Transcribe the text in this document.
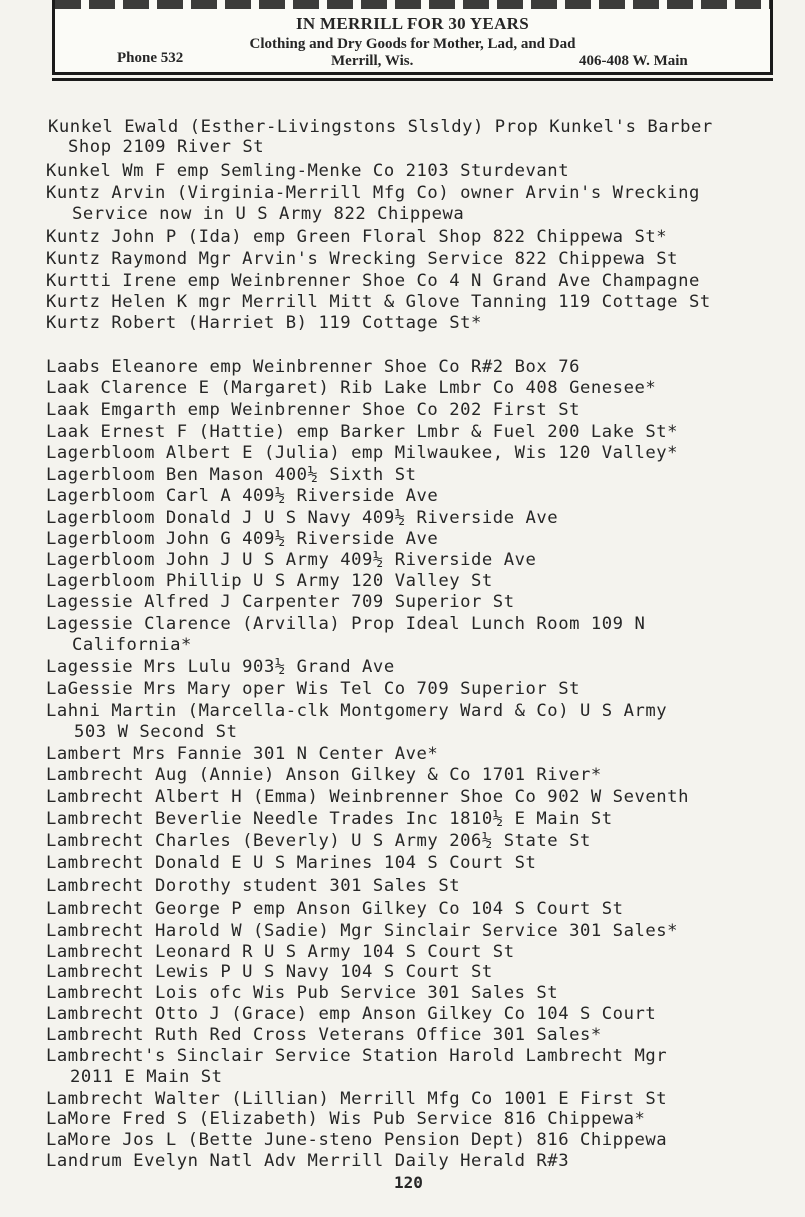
IN MERRILL FOR 30 YEARS
Clothing and Dry Goods for Mother, Lad, and Dad
Phone 532	Merrill, Wis.	406-408 W. Main
Kunkel Ewald (Esther-Livingstons Slsldy) Prop Kunkel's Barber
Shop 2109 River St
Kunkel Wm F emp Semling-Menke Co 2103 Sturdevant
Kuntz Arvin (Virginia-Merrill Mfg Co) owner Arvin's Wrecking
Service now in U S Army 822 Chippewa
Kuntz John P (Ida) emp Green Floral Shop 822 Chippewa St*
Kuntz Raymond Mgr Arvin's Wrecking Service 822 Chippewa St
Kurtti Irene emp Weinbrenner Shoe Co 4 N Grand Ave Champagne
Kurtz Helen K mgr Merrill Mitt & Glove Tanning 119 Cottage St
Kurtz Robert (Harriet B) 119 Cottage St*
Laabs Eleanore emp Weinbrenner Shoe Co R#2 Box 76
Laak Clarence E (Margaret) Rib Lake Lmbr Co 408 Genesee*
Laak Emgarth emp Weinbrenner Shoe Co 202 First St
Laak Ernest F (Hattie) emp Barker Lmbr & Fuel 200 Lake St*
Lagerbloom Albert E (Julia) emp Milwaukee, Wis 120 Valley*
Lagerbloom Ben Mason 400½ Sixth St
Lagerbloom Carl A 409½ Riverside Ave
Lagerbloom Donald J U S Navy 409½ Riverside Ave
Lagerbloom John G 409½ Riverside Ave
Lagerbloom John J U S Army 409½ Riverside Ave
Lagerbloom Phillip U S Army 120 Valley St
Lagessie Alfred J Carpenter 709 Superior St
Lagessie Clarence (Arvilla) Prop Ideal Lunch Room 109 N
California*
Lagessie Mrs Lulu 903½ Grand Ave
LaGessie Mrs Mary oper Wis Tel Co 709 Superior St
Lahni Martin (Marcella-clk Montgomery Ward & Co) U S Army
503 W Second St
Lambert Mrs Fannie 301 N Center Ave*
Lambrecht Aug (Annie) Anson Gilkey & Co 1701 River*
Lambrecht Albert H (Emma) Weinbrenner Shoe Co 902 W Seventh
Lambrecht Beverlie Needle Trades Inc 1810½ E Main St
Lambrecht Charles (Beverly) U S Army 206½ State St
Lambrecht Donald E U S Marines 104 S Court St
Lambrecht Dorothy student 301 Sales St
Lambrecht George P emp Anson Gilkey Co 104 S Court St
Lambrecht Harold W (Sadie) Mgr Sinclair Service 301 Sales*
Lambrecht Leonard R U S Army 104 S Court St
Lambrecht Lewis P U S Navy 104 S Court St
Lambrecht Lois ofc Wis Pub Service 301 Sales St
Lambrecht Otto J (Grace) emp Anson Gilkey Co 104 S Court
Lambrecht Ruth Red Cross Veterans Office 301 Sales*
Lambrecht's Sinclair Service Station Harold Lambrecht Mgr
2011 E Main St
Lambrecht Walter (Lillian) Merrill Mfg Co 1001 E First St
LaMore Fred S (Elizabeth) Wis Pub Service 816 Chippewa*
LaMore Jos L (Bette June-steno Pension Dept) 816 Chippewa
Landrum Evelyn Natl Adv Merrill Daily Herald R#3
120
